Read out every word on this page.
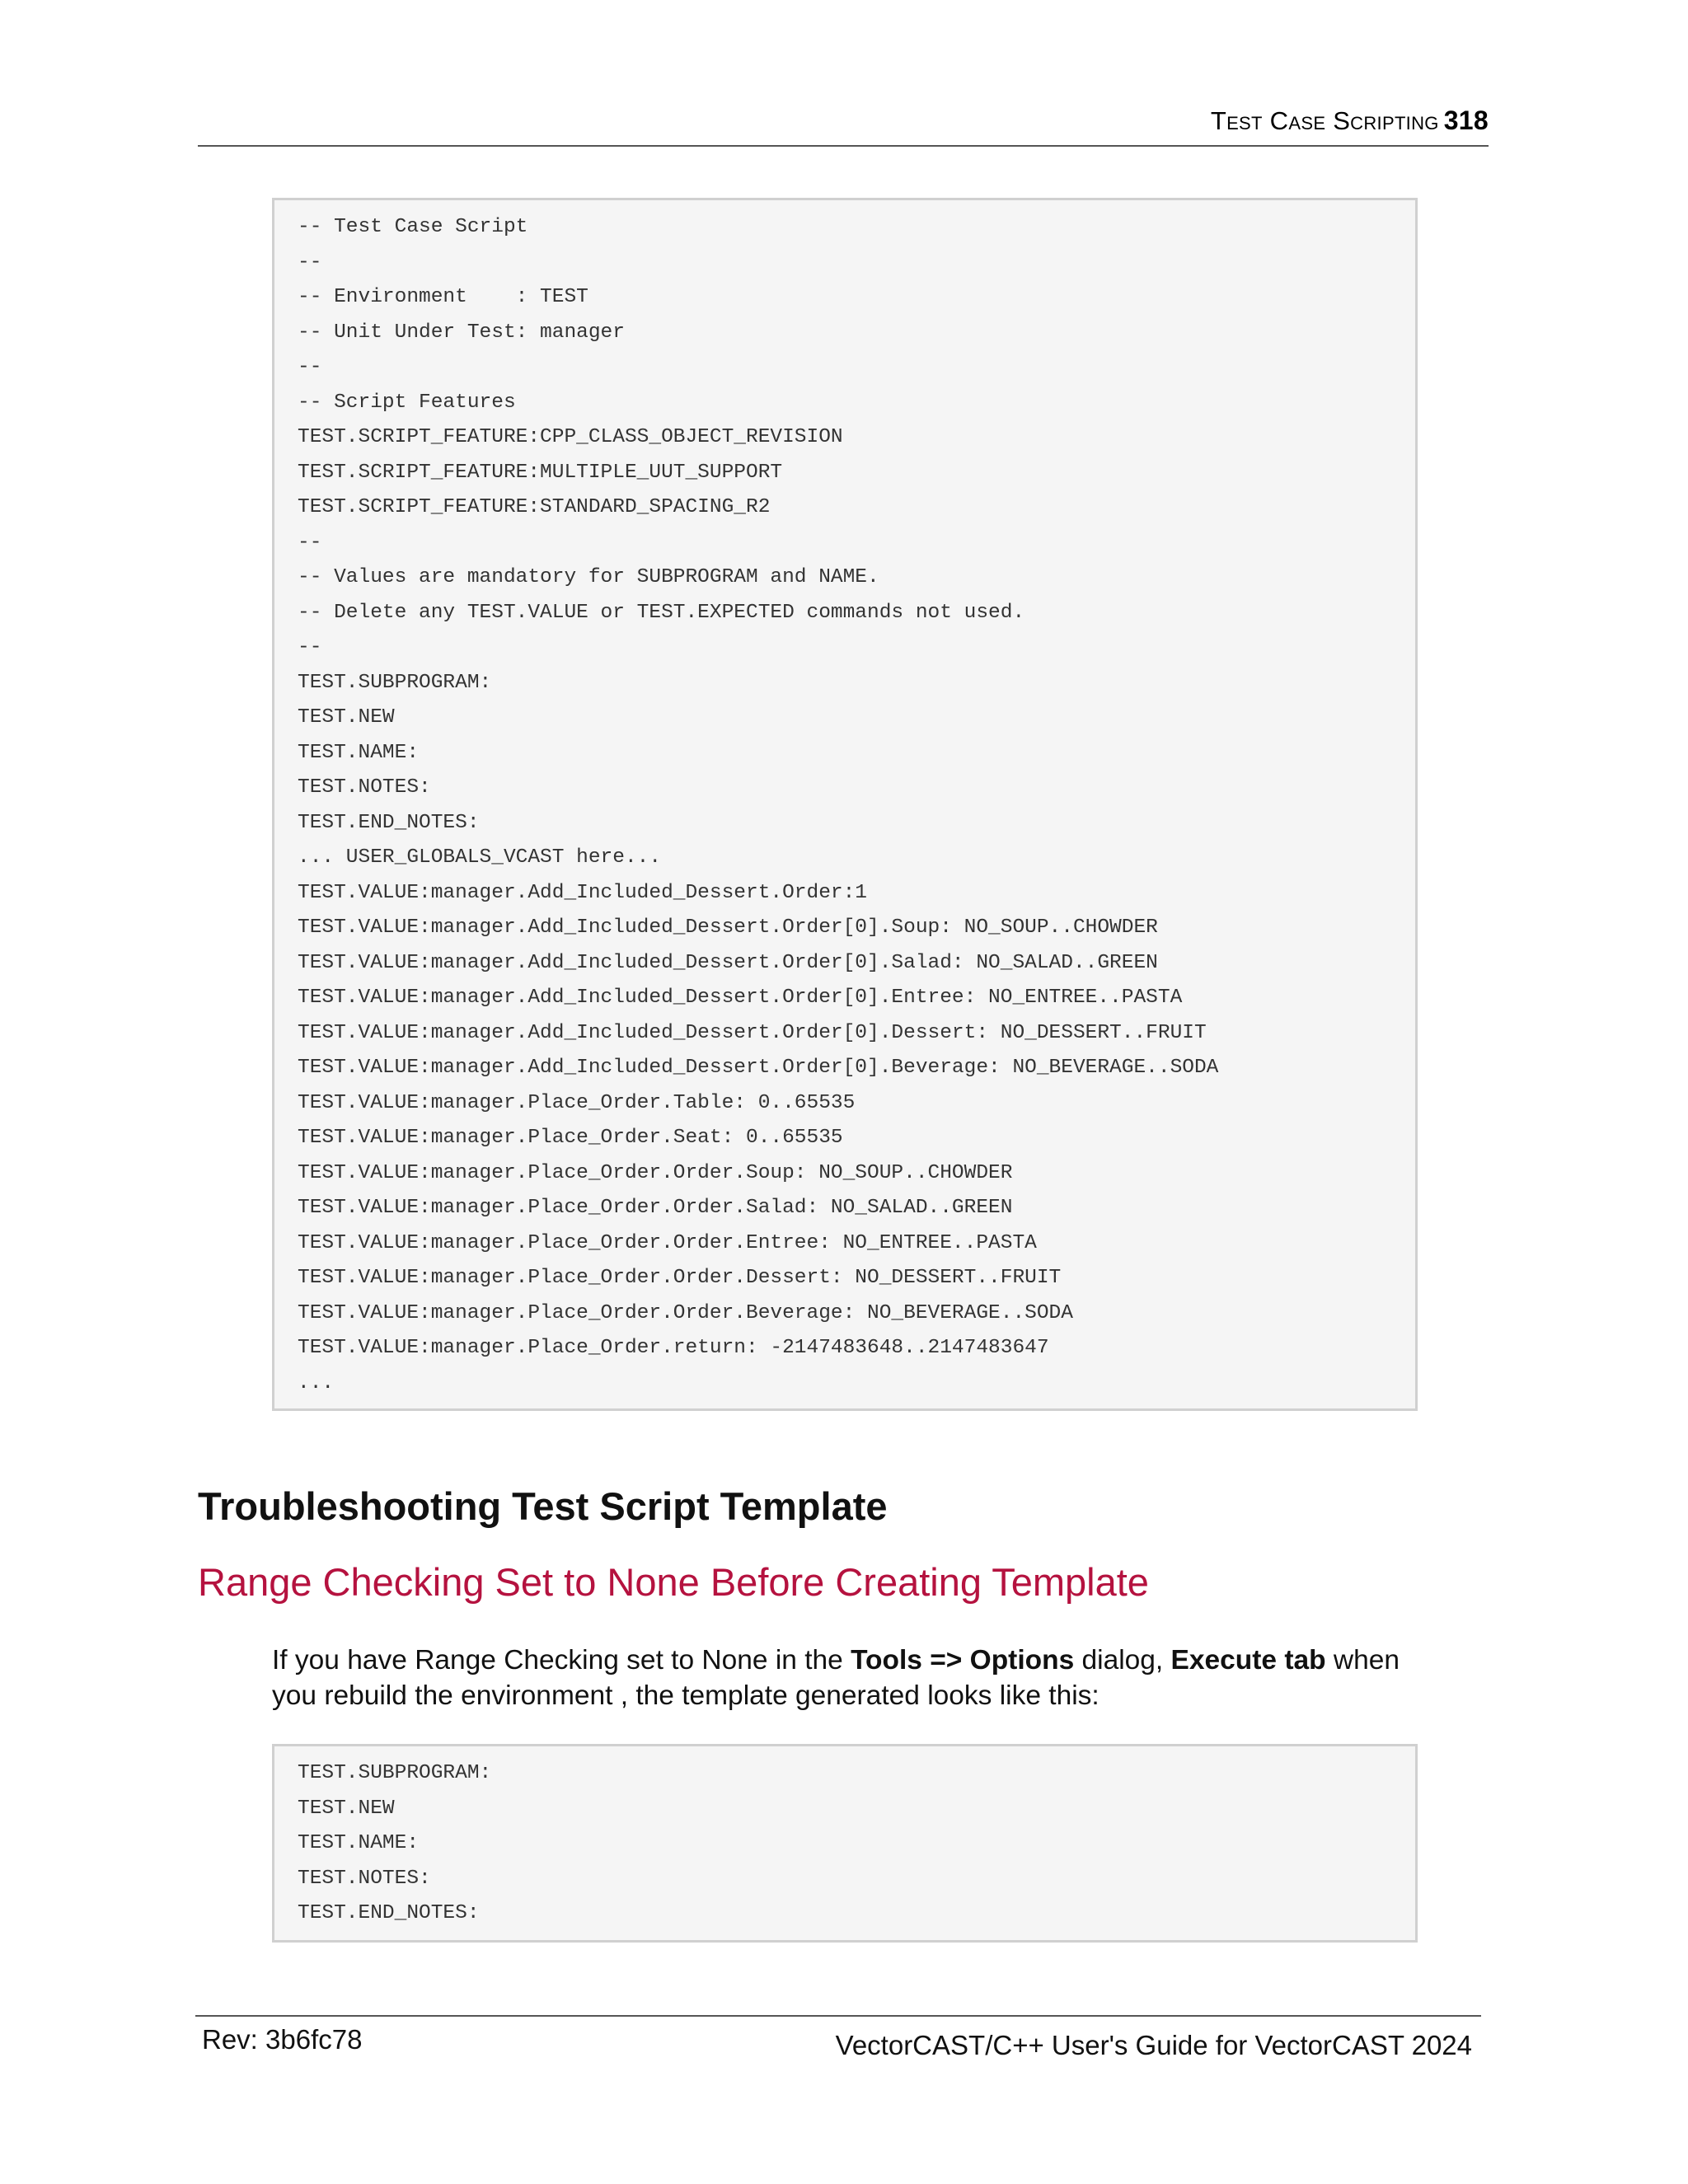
Test Case Scripting 318
-- Test Case Script
--
-- Environment    : TEST
-- Unit Under Test: manager
--
-- Script Features
TEST.SCRIPT_FEATURE:CPP_CLASS_OBJECT_REVISION
TEST.SCRIPT_FEATURE:MULTIPLE_UUT_SUPPORT
TEST.SCRIPT_FEATURE:STANDARD_SPACING_R2
--
-- Values are mandatory for SUBPROGRAM and NAME.
-- Delete any TEST.VALUE or TEST.EXPECTED commands not used.
--
TEST.SUBPROGRAM:
TEST.NEW
TEST.NAME:
TEST.NOTES:
TEST.END_NOTES:
... USER_GLOBALS_VCAST here...
TEST.VALUE:manager.Add_Included_Dessert.Order:1
TEST.VALUE:manager.Add_Included_Dessert.Order[0].Soup: NO_SOUP..CHOWDER
TEST.VALUE:manager.Add_Included_Dessert.Order[0].Salad: NO_SALAD..GREEN
TEST.VALUE:manager.Add_Included_Dessert.Order[0].Entree: NO_ENTREE..PASTA
TEST.VALUE:manager.Add_Included_Dessert.Order[0].Dessert: NO_DESSERT..FRUIT
TEST.VALUE:manager.Add_Included_Dessert.Order[0].Beverage: NO_BEVERAGE..SODA
TEST.VALUE:manager.Place_Order.Table: 0..65535
TEST.VALUE:manager.Place_Order.Seat: 0..65535
TEST.VALUE:manager.Place_Order.Order.Soup: NO_SOUP..CHOWDER
TEST.VALUE:manager.Place_Order.Order.Salad: NO_SALAD..GREEN
TEST.VALUE:manager.Place_Order.Order.Entree: NO_ENTREE..PASTA
TEST.VALUE:manager.Place_Order.Order.Dessert: NO_DESSERT..FRUIT
TEST.VALUE:manager.Place_Order.Order.Beverage: NO_BEVERAGE..SODA
TEST.VALUE:manager.Place_Order.return: -2147483648..2147483647
...
Troubleshooting Test Script Template
Range Checking Set to None Before Creating Template

If you have Range Checking set to None in the Tools => Options dialog, Execute tab when you rebuild the environment , the template generated looks like this:

TEST.SUBPROGRAM:
TEST.NEW
TEST.NAME:
TEST.NOTES:
TEST.END_NOTES:
Rev: 3b6fc78	VectorCAST/C++ User's Guide for VectorCAST 2024
